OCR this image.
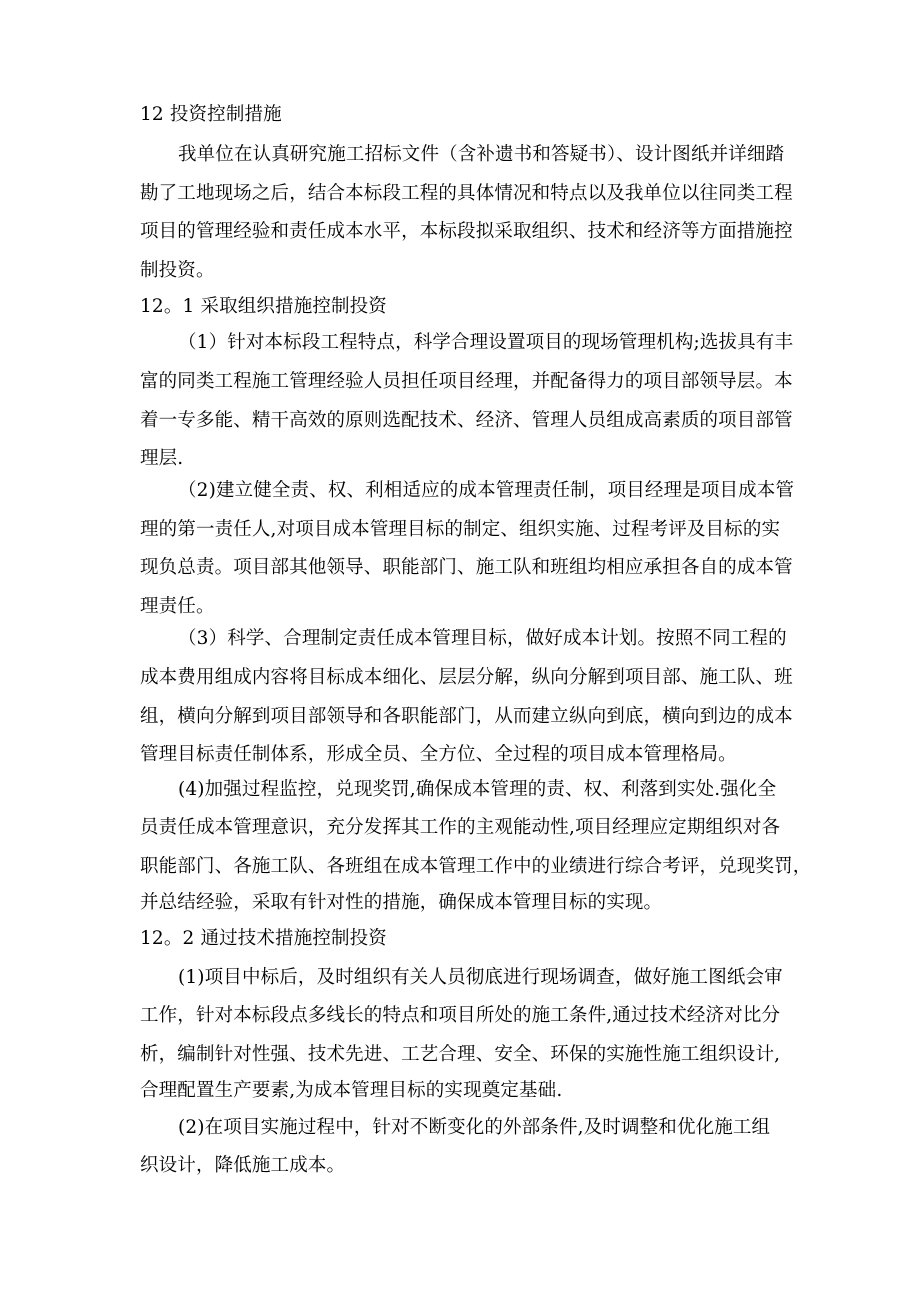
12 投资控制措施

我单位在认真研究施工招标文件（含补遗书和答疑书）、设计图纸并详细踏

勘了工地现场之后，结合本标段工程的具体情况和特点以及我单位以往同类工程

项目的管理经验和责任成本水平，本标段拟采取组织、技术和经济等方面措施控

制投资。

12。1 采取组织措施控制投资

（1）针对本标段工程特点，科学合理设置项目的现场管理机构;选拔具有丰

富的同类工程施工管理经验人员担任项目经理，并配备得力的项目部领导层。本

着一专多能、精干高效的原则选配技术、经济、管理人员组成高素质的项目部管

理层.

（2)建立健全责、权、利相适应的成本管理责任制，项目经理是项目成本管

理的第一责任人,对项目成本管理目标的制定、组织实施、过程考评及目标的实

现负总责。项目部其他领导、职能部门、施工队和班组均相应承担各自的成本管

理责任。

（3）科学、合理制定责任成本管理目标，做好成本计划。按照不同工程的

成本费用组成内容将目标成本细化、层层分解，纵向分解到项目部、施工队、班

组，横向分解到项目部领导和各职能部门，从而建立纵向到底，横向到边的成本

管理目标责任制体系，形成全员、全方位、全过程的项目成本管理格局。

(4)加强过程监控，兑现奖罚,确保成本管理的责、权、利落到实处.强化全

员责任成本管理意识，充分发挥其工作的主观能动性,项目经理应定期组织对各

职能部门、各施工队、各班组在成本管理工作中的业绩进行综合考评，兑现奖罚，

并总结经验，采取有针对性的措施，确保成本管理目标的实现。

12。2 通过技术措施控制投资

(1)项目中标后，及时组织有关人员彻底进行现场调查，做好施工图纸会审

工作，针对本标段点多线长的特点和项目所处的施工条件,通过技术经济对比分

析，编制针对性强、技术先进、工艺合理、安全、环保的实施性施工组织设计,

合理配置生产要素,为成本管理目标的实现奠定基础.

(2)在项目实施过程中，针对不断变化的外部条件,及时调整和优化施工组

织设计，降低施工成本。
